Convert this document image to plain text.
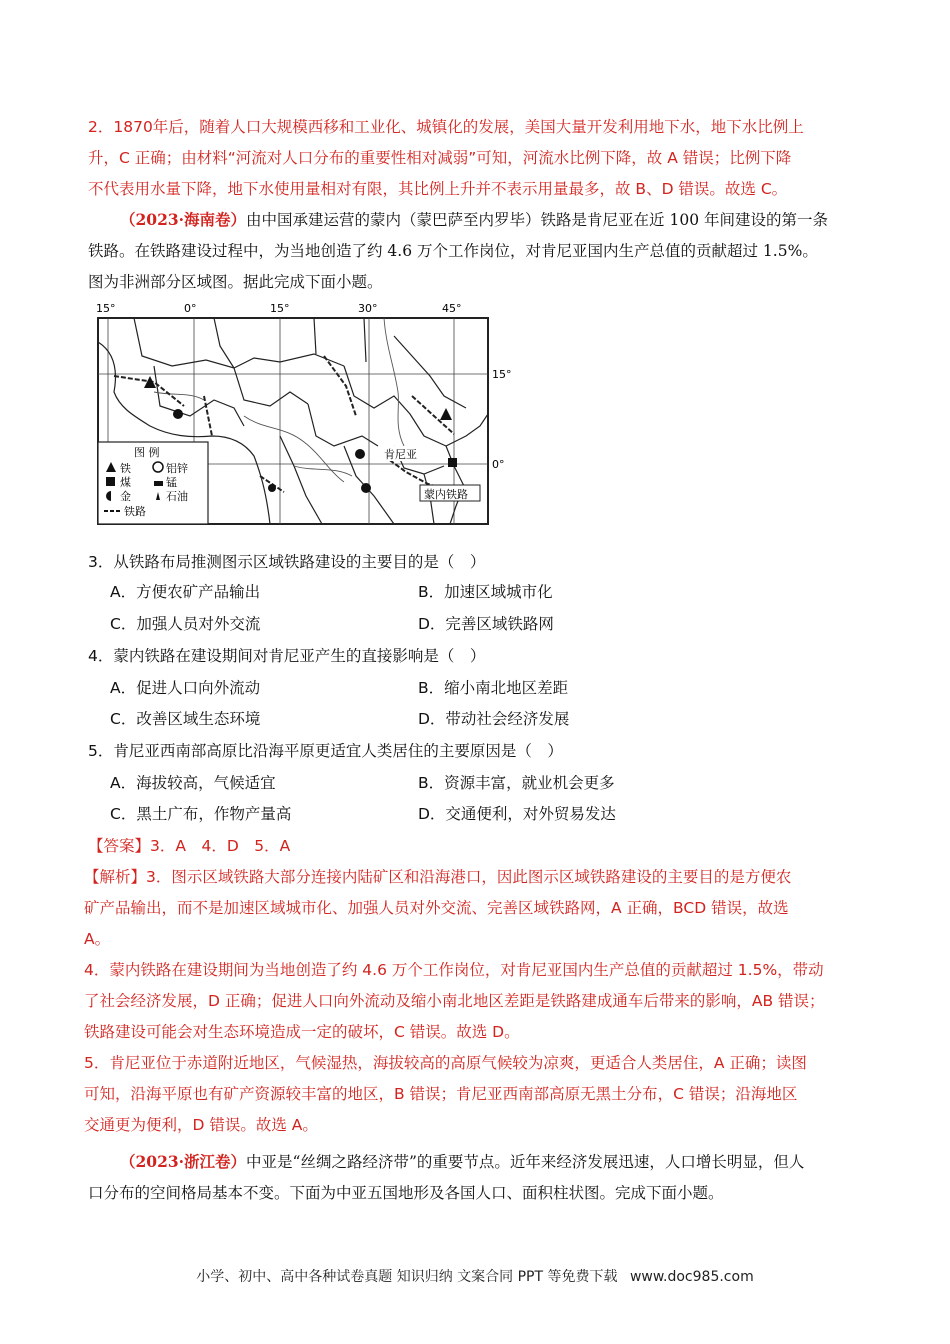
2．1870年后，随着人口大规模西移和工业化、城镇化的发展，美国大量开发利用地下水，地下水比例上
升，C 正确；由材料“河流对人口分布的重要性相对减弱”可知，河流水比例下降，故 A 错误；比例下降
不代表用水量下降，地下水使用量相对有限，其比例上升并不表示用量最多，故 B、D 错误。故选 C。
（2023·海南卷）由中国承建运营的蒙内（蒙巴萨至内罗毕）铁路是肯尼亚在近 100 年间建设的第一条
铁路。在铁路建设过程中，为当地创造了约 4.6 万个工作岗位，对肯尼亚国内生产总值的贡献超过 1.5%。
图为非洲部分区域图。据此完成下面小题。
15°	0°	15°	30°	45°
15°
0°
肯尼亚
蒙内铁路
图 例
铁	铝锌
煤	锰
金	石油
铁路
3．从铁路布局推测图示区域铁路建设的主要目的是（　）
A．方便农矿产品输出	B．加速区域城市化
C．加强人员对外交流	D．完善区域铁路网
4．蒙内铁路在建设期间对肯尼亚产生的直接影响是（　）
A．促进人口向外流动	B．缩小南北地区差距
C．改善区域生态环境	D．带动社会经济发展
5．肯尼亚西南部高原比沿海平原更适宜人类居住的主要原因是（　）
A．海拔较高，气候适宜	B．资源丰富，就业机会更多
C．黑土广布，作物产量高	D．交通便利，对外贸易发达
【答案】3．A　4．D　5．A
【解析】3．图示区域铁路大部分连接内陆矿区和沿海港口，因此图示区域铁路建设的主要目的是方便农
矿产品输出，而不是加速区域城市化、加强人员对外交流、完善区域铁路网，A 正确，BCD 错误，故选
A。
4．蒙内铁路在建设期间为当地创造了约 4.6 万个工作岗位，对肯尼亚国内生产总值的贡献超过 1.5%，带动
了社会经济发展，D 正确；促进人口向外流动及缩小南北地区差距是铁路建成通车后带来的影响，AB 错误；
铁路建设可能会对生态环境造成一定的破坏，C 错误。故选 D。
5．肯尼亚位于赤道附近地区，气候湿热，海拔较高的高原气候较为凉爽，更适合人类居住，A 正确；读图
可知，沿海平原也有矿产资源较丰富的地区，B 错误；肯尼亚西南部高原无黑土分布，C 错误；沿海地区
交通更为便利，D 错误。故选 A。
（2023·浙江卷）中亚是“丝绸之路经济带”的重要节点。近年来经济发展迅速，人口增长明显，但人
口分布的空间格局基本不变。下面为中亚五国地形及各国人口、面积柱状图。完成下面小题。
小学、初中、高中各种试卷真题 知识归纳 文案合同 PPT 等免费下载 www.doc985.com
